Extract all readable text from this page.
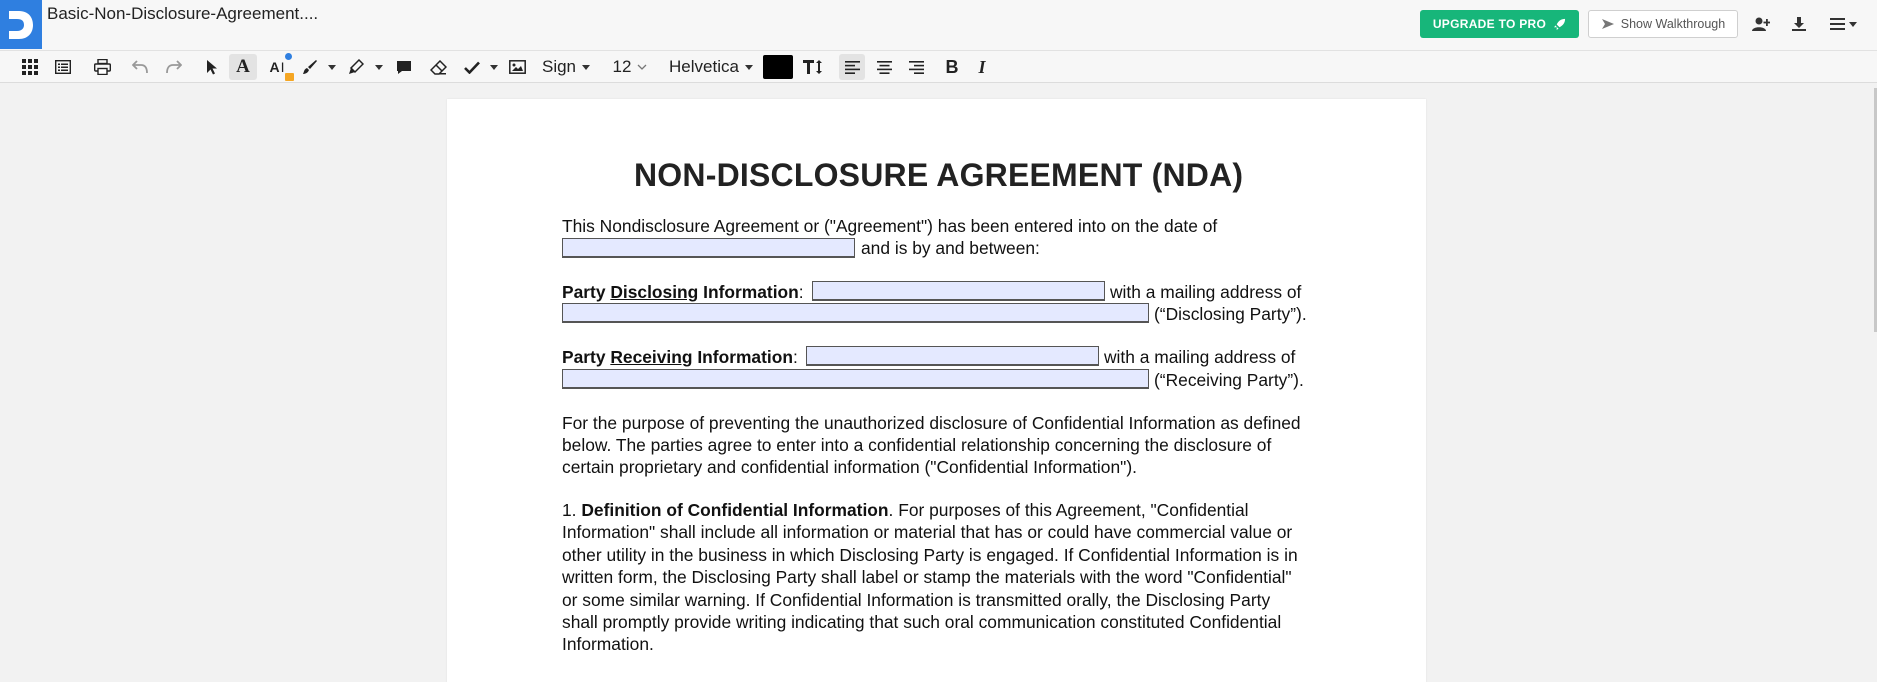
Basic-Non-Disclosure-Agreement....
UPGRADE TO PRO	Show Walkthrough
A A I	Sign 12 Helvetica	B	I
NON-DISCLOSURE AGREEMENT (NDA)
This Nondisclosure Agreement or ("Agreement") has been entered into on the date of
and is by and between:
Party Disclosing Information:	with a mailing address of
(“Disclosing Party”).
Party Receiving Information:	with a mailing address of
(“Receiving Party”).
For the purpose of preventing the unauthorized disclosure of Confidential Information as defined
below. The parties agree to enter into a confidential relationship concerning the disclosure of
certain proprietary and confidential information ("Confidential Information").
1. Definition of Confidential Information. For purposes of this Agreement, "Confidential
Information" shall include all information or material that has or could have commercial value or
other utility in the business in which Disclosing Party is engaged. If Confidential Information is in
written form, the Disclosing Party shall label or stamp the materials with the word "Confidential"
or some similar warning. If Confidential Information is transmitted orally, the Disclosing Party
shall promptly provide writing indicating that such oral communication constituted Confidential
Information.
